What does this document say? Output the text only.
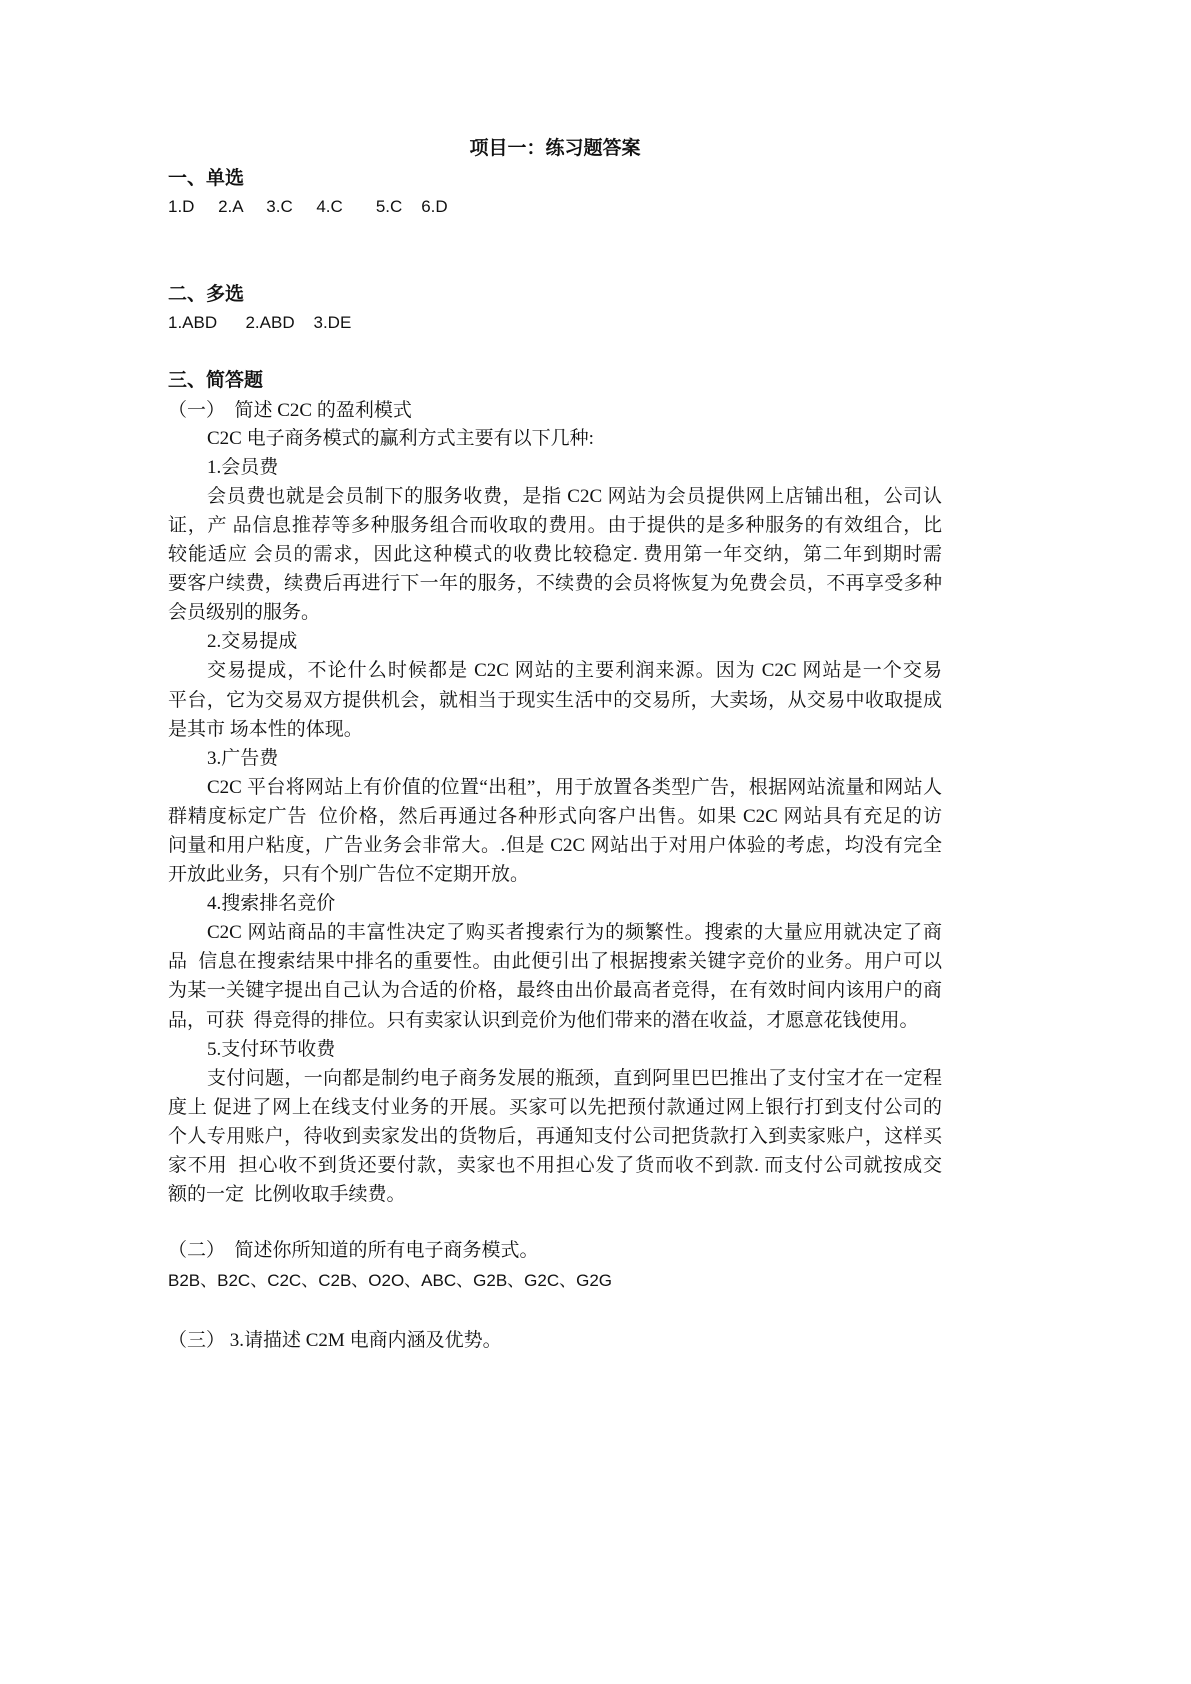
项目一：练习题答案
一、单选
1.D     2.A     3.C     4.C       5.C    6.D
二、多选
1.ABD      2.ABD    3.DE
三、简答题
（一）  简述 C2C 的盈利模式
C2C 电子商务模式的赢利方式主要有以下几种:
1.会员费
会员费也就是会员制下的服务收费，是指 C2C 网站为会员提供网上店铺出租，公司认
证，产 品信息推荐等多种服务组合而收取的费用。由于提供的是多种服务的有效组合，比
较能适应 会员的需求，因此这种模式的收费比较稳定. 费用第一年交纳，第二年到期时需
要客户续费，续费后再进行下一年的服务，不续费的会员将恢复为免费会员，不再享受多种
会员级别的服务。
2.交易提成
交易提成，不论什么时候都是 C2C 网站的主要利润来源。因为 C2C 网站是一个交易
平台，它为交易双方提供机会，就相当于现实生活中的交易所，大卖场，从交易中收取提成
是其市 场本性的体现。
3.广告费
C2C 平台将网站上有价值的位置“出租”，用于放置各类型广告，根据网站流量和网站人
群精度标定广告  位价格，然后再通过各种形式向客户出售。如果 C2C 网站具有充足的访
问量和用户粘度，广告业务会非常大。.但是 C2C 网站出于对用户体验的考虑，均没有完全
开放此业务，只有个别广告位不定期开放。
4.搜索排名竞价
C2C 网站商品的丰富性决定了购买者搜索行为的频繁性。搜索的大量应用就决定了商
品  信息在搜索结果中排名的重要性。由此便引出了根据搜索关键字竞价的业务。用户可以
为某一关键字提出自己认为合适的价格，最终由出价最高者竞得，在有效时间内该用户的商
品，可获  得竞得的排位。只有卖家认识到竞价为他们带来的潜在收益，才愿意花钱使用。
5.支付环节收费
支付问题，一向都是制约电子商务发展的瓶颈，直到阿里巴巴推出了支付宝才在一定程
度上 促进了网上在线支付业务的开展。买家可以先把预付款通过网上银行打到支付公司的
个人专用账户，待收到卖家发出的货物后，再通知支付公司把货款打入到卖家账户，这样买
家不用  担心收不到货还要付款，卖家也不用担心发了货而收不到款. 而支付公司就按成交
额的一定  比例收取手续费。
（二）  简述你所知道的所有电子商务模式。
B2B、B2C、C2C、C2B、O2O、ABC、G2B、G2C、G2G
（三） 3.请描述 C2M 电商内涵及优势。
